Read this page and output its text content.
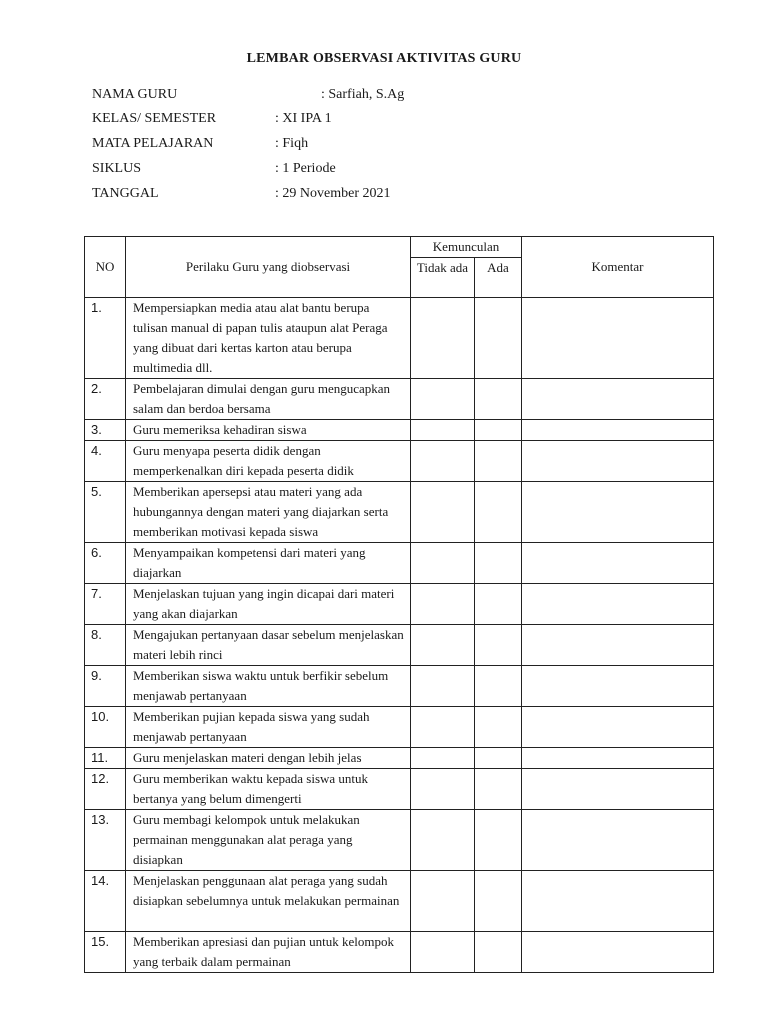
LEMBAR OBSERVASI AKTIVITAS GURU
NAMA GURU	: Sarfiah, S.Ag
KELAS/ SEMESTER	: XI IPA 1
MATA PELAJARAN	: Fiqh
SIKLUS	: 1 Periode
TANGGAL	: 29 November 2021
NO	Perilaku Guru yang diobservasi	Kemunculan		Komentar
		Tidak ada	Ada	
1.	Mempersiapkan media atau alat bantu berupa tulisan manual di papan tulis ataupun alat Peraga yang dibuat dari kertas karton atau berupa multimedia dll.			
2.	Pembelajaran dimulai dengan guru mengucapkan salam dan berdoa bersama			
3.	Guru memeriksa kehadiran siswa			
4.	Guru menyapa peserta didik dengan memperkenalkan diri kepada peserta didik			
5.	Memberikan apersepsi atau materi yang ada hubungannya dengan materi yang diajarkan serta memberikan motivasi kepada siswa			
6.	Menyampaikan kompetensi dari materi yang diajarkan			
7.	Menjelaskan tujuan yang ingin dicapai dari materi yang akan diajarkan			
8.	Mengajukan pertanyaan dasar sebelum menjelaskan materi lebih rinci			
9.	Memberikan siswa waktu untuk berfikir sebelum menjawab pertanyaan			
10.	Memberikan pujian kepada siswa yang sudah menjawab pertanyaan			
11.	Guru menjelaskan materi dengan lebih jelas			
12.	Guru memberikan waktu kepada siswa untuk bertanya yang belum dimengerti			
13.	Guru membagi kelompok untuk melakukan permainan menggunakan alat peraga yang disiapkan			
14.	Menjelaskan penggunaan alat peraga yang sudah disiapkan sebelumnya untuk melakukan permainan			
15.	Memberikan apresiasi dan pujian untuk kelompok yang terbaik dalam permainan			
